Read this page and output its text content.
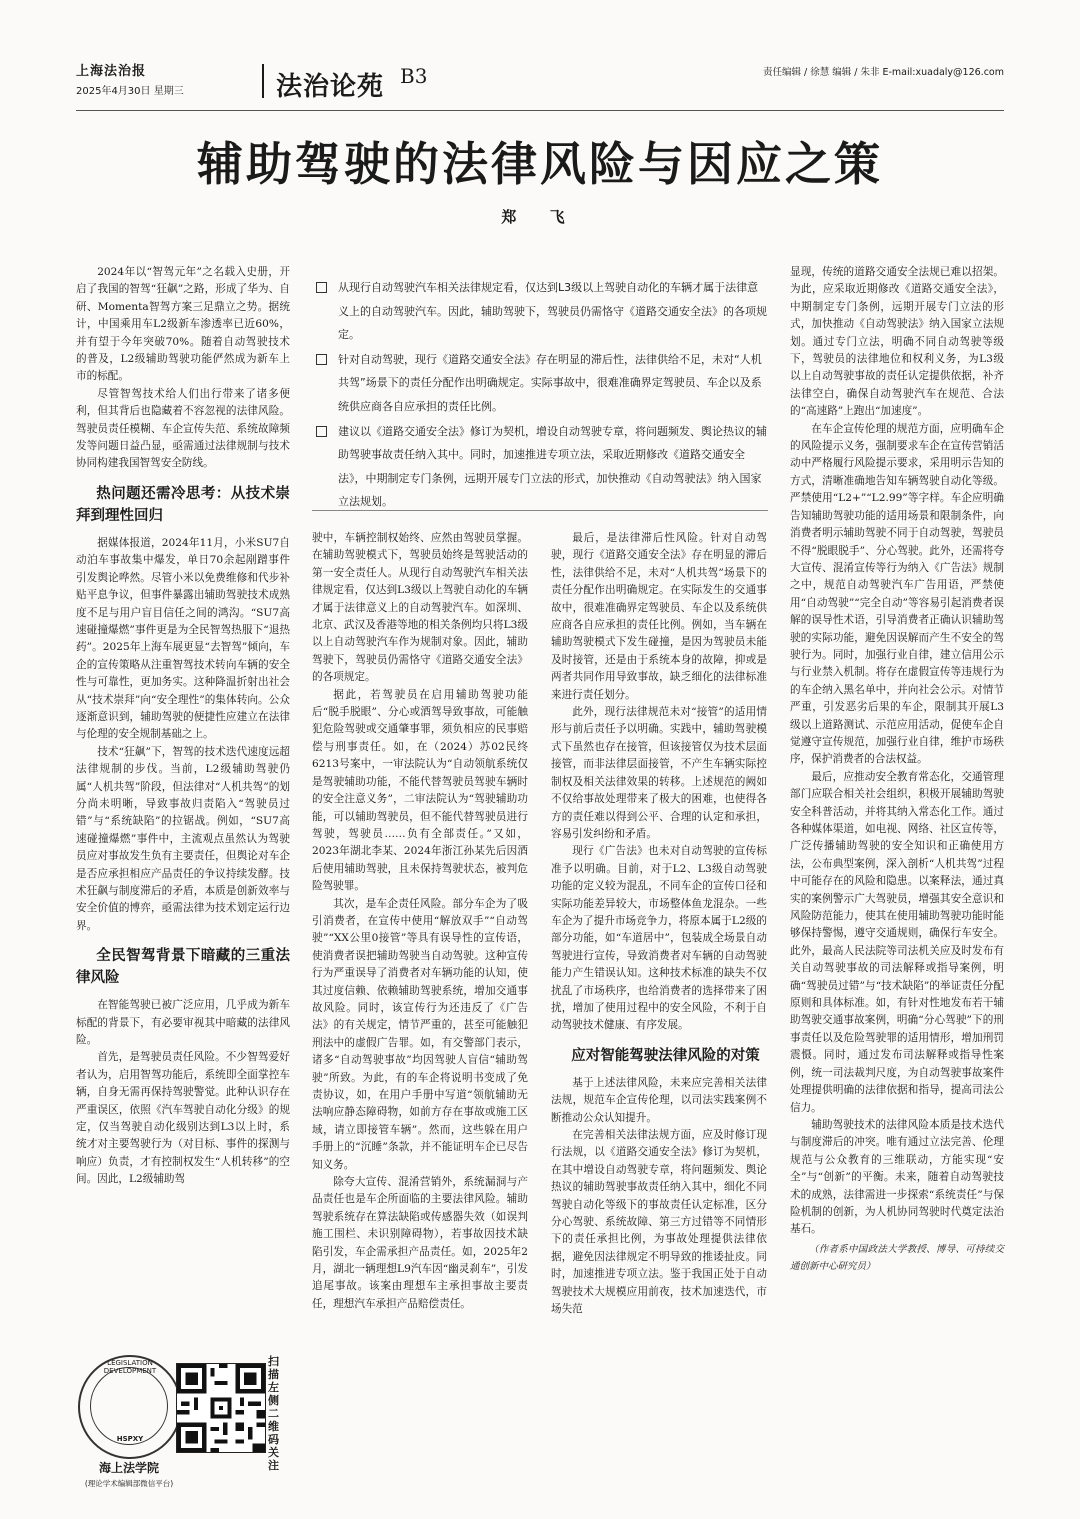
上海法治报
2025年4月30日 星期三	法治论苑 B3	责任编辑 / 徐慧 编辑 / 朱非 E-mail:xuadaly@126.com
辅助驾驶的法律风险与因应之策
郑 飞

2024年以“智驾元年”之名载入史册，开启了我国的智驾“狂飙”之路，形成了华为、自研、Momenta智驾方案三足鼎立之势。据统计，中国乘用车L2级新车渗透率已近60%，并有望于今年突破70%。随着自动驾驶技术的普及，L2级辅助驾驶功能俨然成为新车上市的标配。

尽管智驾技术给人们出行带来了诸多便利，但其背后也隐藏着不容忽视的法律风险。驾驶员责任模糊、车企宣传失范、系统故障频发等问题日益凸显，亟需通过法律规制与技术协同构建我国智驾安全防线。

热问题还需冷思考：从技术崇拜到理性回归

据媒体报道，2024年11月，小米SU7自动泊车事故集中爆发，单日70余起剐蹭事件引发舆论哗然。尽管小米以免费维修和代步补贴平息争议，但事件暴露出辅助驾驶技术成熟度不足与用户盲目信任之间的鸿沟。“SU7高速碰撞爆燃”事件更是为全民智驾热服下“退热药”。2025年上海车展更显“去智驾”倾向，车企的宣传策略从注重智驾技术转向车辆的安全性与可靠性，更加务实。这种降温折射出社会从“技术崇拜”向“安全理性”的集体转向。公众逐渐意识到，辅助驾驶的便捷性应建立在法律与伦理的安全规制基础之上。

技术“狂飙”下，智驾的技术迭代速度远超法律规制的步伐。当前，L2级辅助驾驶仍属“人机共驾”阶段，但法律对“人机共驾”的划分尚未明晰，导致事故归责陷入“驾驶员过错”与“系统缺陷”的拉锯战。例如，“SU7高速碰撞爆燃”事件中，主流观点虽然认为驾驶员应对事故发生负有主要责任，但舆论对车企是否应承担相应产品责任的争议持续发酵。技术狂飙与制度滞后的矛盾，本质是创新效率与安全价值的博弈，亟需法律为技术划定运行边界。

全民智驾背景下暗藏的三重法律风险

在智能驾驶已被广泛应用，几乎成为新车标配的背景下，有必要审视其中暗藏的法律风险。

首先，是驾驶员责任风险。不少智驾爱好者认为，启用智驾功能后，系统即全面掌控车辆，自身无需再保持驾驶警觉。此种认识存在严重误区，依照《汽车驾驶自动化分级》的规定，仅当驾驶自动化级别达到L3以上时，系统才对主要驾驶行为（对目标、事件的探测与响应）负责，才有控制权发生“人机转移”的空间。因此，L2级辅助驾

从现行自动驾驶汽车相关法律规定看，仅达到L3级以上驾驶自动化的车辆才属于法律意义上的自动驾驶汽车。因此，辅助驾驶下，驾驶员仍需恪守《道路交通安全法》的各项规定。
针对自动驾驶，现行《道路交通安全法》存在明显的滞后性，法律供给不足，未对“人机共驾”场景下的责任分配作出明确规定。实际事故中，很难准确界定驾驶员、车企以及系统供应商各自应承担的责任比例。
建议以《道路交通安全法》修订为契机，增设自动驾驶专章，将问题频发、舆论热议的辅助驾驶事故责任纳入其中。同时，加速推进专项立法，采取近期修改《道路交通安全法》，中期制定专门条例，远期开展专门立法的形式，加快推动《自动驾驶法》纳入国家立法规划。

驶中，车辆控制权始终、应然由驾驶员掌握。在辅助驾驶模式下，驾驶员始终是驾驶活动的第一安全责任人。从现行自动驾驶汽车相关法律规定看，仅达到L3级以上驾驶自动化的车辆才属于法律意义上的自动驾驶汽车。如深圳、北京、武汉及香港等地的相关条例均只将L3级以上自动驾驶汽车作为规制对象。因此，辅助驾驶下，驾驶员仍需恪守《道路交通安全法》的各项规定。

据此，若驾驶员在启用辅助驾驶功能后“脱手脱眼”、分心或酒驾导致事故，可能触犯危险驾驶或交通肇事罪，须负相应的民事赔偿与刑事责任。如，在（2024）苏02民终6213号案中，一审法院认为“自动领航系统仅是驾驶辅助功能，不能代替驾驶员驾驶车辆时的安全注意义务”，二审法院认为“驾驶辅助功能，可以辅助驾驶员，但不能代替驾驶员进行驾驶，驾驶员……负有全部责任。”又如，2023年湖北李某、2024年浙江孙某先后因酒后使用辅助驾驶，且未保持驾驶状态，被判危险驾驶罪。

其次，是车企责任风险。部分车企为了吸引消费者，在宣传中使用“解放双手”“自动驾驶”“XX公里0接管”等具有误导性的宣传语，使消费者误把辅助驾驶当自动驾驶。这种宣传行为严重误导了消费者对车辆功能的认知，使其过度信赖、依赖辅助驾驶系统，增加交通事故风险。同时，该宣传行为还违反了《广告法》的有关规定，情节严重的，甚至可能触犯刑法中的虚假广告罪。如，有交警部门表示，诸多“自动驾驶事故”均因驾驶人盲信“辅助驾驶”所致。为此，有的车企将说明书变成了免责协议，如，在用户手册中写道“领航辅助无法响应静态障碍物，如前方存在事故或施工区域，请立即接管车辆”。然而，这些躲在用户手册上的“沉睡”条款，并不能证明车企已尽告知义务。

除夸大宣传、混淆营销外，系统漏洞与产品责任也是车企所面临的主要法律风险。辅助驾驶系统存在算法缺陷或传感器失效（如误判施工围栏、未识别障碍物），若事故因技术缺陷引发，车企需承担产品责任。如，2025年2月，湖北一辆理想L9汽车因“幽灵刹车”，引发追尾事故。该案由理想车主承担事故主要责任，理想汽车承担产品赔偿责任。

最后，是法律滞后性风险。针对自动驾驶，现行《道路交通安全法》存在明显的滞后性，法律供给不足，未对“人机共驾”场景下的责任分配作出明确规定。在实际发生的交通事故中，很难准确界定驾驶员、车企以及系统供应商各自应承担的责任比例。例如，当车辆在辅助驾驶模式下发生碰撞，是因为驾驶员未能及时接管，还是由于系统本身的故障，抑或是两者共同作用导致事故，缺乏细化的法律标准来进行责任划分。

此外，现行法律规范未对“接管”的适用情形与前后责任予以明确。实践中，辅助驾驶模式下虽然也存在接管，但该接管仅为技术层面接管，而非法律层面接管，不产生车辆实际控制权及相关法律效果的转移。上述规范的阙如不仅给事故处理带来了极大的困难，也使得各方的责任难以得到公平、合理的认定和承担，容易引发纠纷和矛盾。

现行《广告法》也未对自动驾驶的宣传标准予以明确。目前，对于L2、L3级自动驾驶功能的定义较为混乱，不同车企的宣传口径和实际功能差异较大，市场整体鱼龙混杂。一些车企为了提升市场竞争力，将原本属于L2级的部分功能，如“车道居中”，包装成全场景自动驾驶进行宣传，导致消费者对车辆的自动驾驶能力产生错误认知。这种技术标准的缺失不仅扰乱了市场秩序，也给消费者的选择带来了困扰，增加了使用过程中的安全风险，不利于自动驾驶技术健康、有序发展。

应对智能驾驶法律风险的对策

基于上述法律风险，未来应完善相关法律法规，规范车企宣传伦理，以司法实践案例不断推动公众认知提升。

在完善相关法律法规方面，应及时修订现行法规，以《道路交通安全法》修订为契机，在其中增设自动驾驶专章，将问题频发、舆论热议的辅助驾驶事故责任纳入其中，细化不同驾驶自动化等级下的事故责任认定标准，区分分心驾驶、系统故障、第三方过错等不同情形下的责任承担比例，为事故处理提供法律依据，避免因法律规定不明导致的推诿扯皮。同时，加速推进专项立法。鉴于我国正处于自动驾驶技术大规模应用前夜，技术加速迭代，市场失范

显现，传统的道路交通安全法规已难以招架。为此，应采取近期修改《道路交通安全法》，中期制定专门条例，远期开展专门立法的形式，加快推动《自动驾驶法》纳入国家立法规划。通过专门立法，明确不同自动驾驶等级下，驾驶员的法律地位和权利义务，为L3级以上自动驾驶事故的责任认定提供依据，补齐法律空白，确保自动驾驶汽车在规范、合法的“高速路”上跑出“加速度”。

在车企宣传伦理的规范方面，应明确车企的风险提示义务，强制要求车企在宣传营销活动中严格履行风险提示要求，采用明示告知的方式，清晰准确地告知车辆驾驶自动化等级。严禁使用“L2+”“L2.99”等字样。车企应明确告知辅助驾驶功能的适用场景和限制条件，向消费者明示辅助驾驶不同于自动驾驶，驾驶员不得“脱眼脱手”、分心驾驶。此外，还需将夸大宣传、混淆宣传等行为纳入《广告法》规制之中，规范自动驾驶汽车广告用语，严禁使用“自动驾驶”“完全自动”等容易引起消费者误解的误导性术语，引导消费者正确认识辅助驾驶的实际功能，避免因误解而产生不安全的驾驶行为。同时，加强行业自律，建立信用公示与行业禁入机制。将存在虚假宣传等违规行为的车企纳入黑名单中，并向社会公示。对情节严重，引发恶劣后果的车企，限制其开展L3级以上道路测试、示范应用活动，促使车企自觉遵守宣传规范，加强行业自律，维护市场秩序，保护消费者的合法权益。

最后，应推动安全教育常态化，交通管理部门应联合相关社会组织，积极开展辅助驾驶安全科普活动，并将其纳入常态化工作。通过各种媒体渠道，如电视、网络、社区宣传等，广泛传播辅助驾驶的安全知识和正确使用方法，公布典型案例，深入剖析“人机共驾”过程中可能存在的风险和隐患。以案释法，通过真实的案例警示广大驾驶员，增强其安全意识和风险防范能力，使其在使用辅助驾驶功能时能够保持警惕，遵守交通规则，确保行车安全。此外，最高人民法院等司法机关应及时发布有关自动驾驶事故的司法解释或指导案例，明确“驾驶员过错”与“技术缺陷”的举证责任分配原则和具体标准。如，有针对性地发布若干辅助驾驶交通事故案例，明确“分心驾驶”下的刑事责任以及危险驾驶罪的适用情形，增加刑罚震慑。同时，通过发布司法解释或指导性案例，统一司法裁判尺度，为自动驾驶事故案件处理提供明确的法律依据和指导，提高司法公信力。

辅助驾驶技术的法律风险本质是技术迭代与制度滞后的冲突。唯有通过立法完善、伦理规范与公众教育的三维联动，方能实现“安全”与“创新”的平衡。未来，随着自动驾驶技术的成熟，法律需进一步探索“系统责任”与保险机制的创新，为人机协同驾驶时代奠定法治基石。

（作者系中国政法大学教授、博导、可持续交通创新中心研究员）

LEGISLATION DEVELOPMENT
HSPXY
海上法学院
(理论学术编辑部微信平台)
扫描左侧二维码关注
